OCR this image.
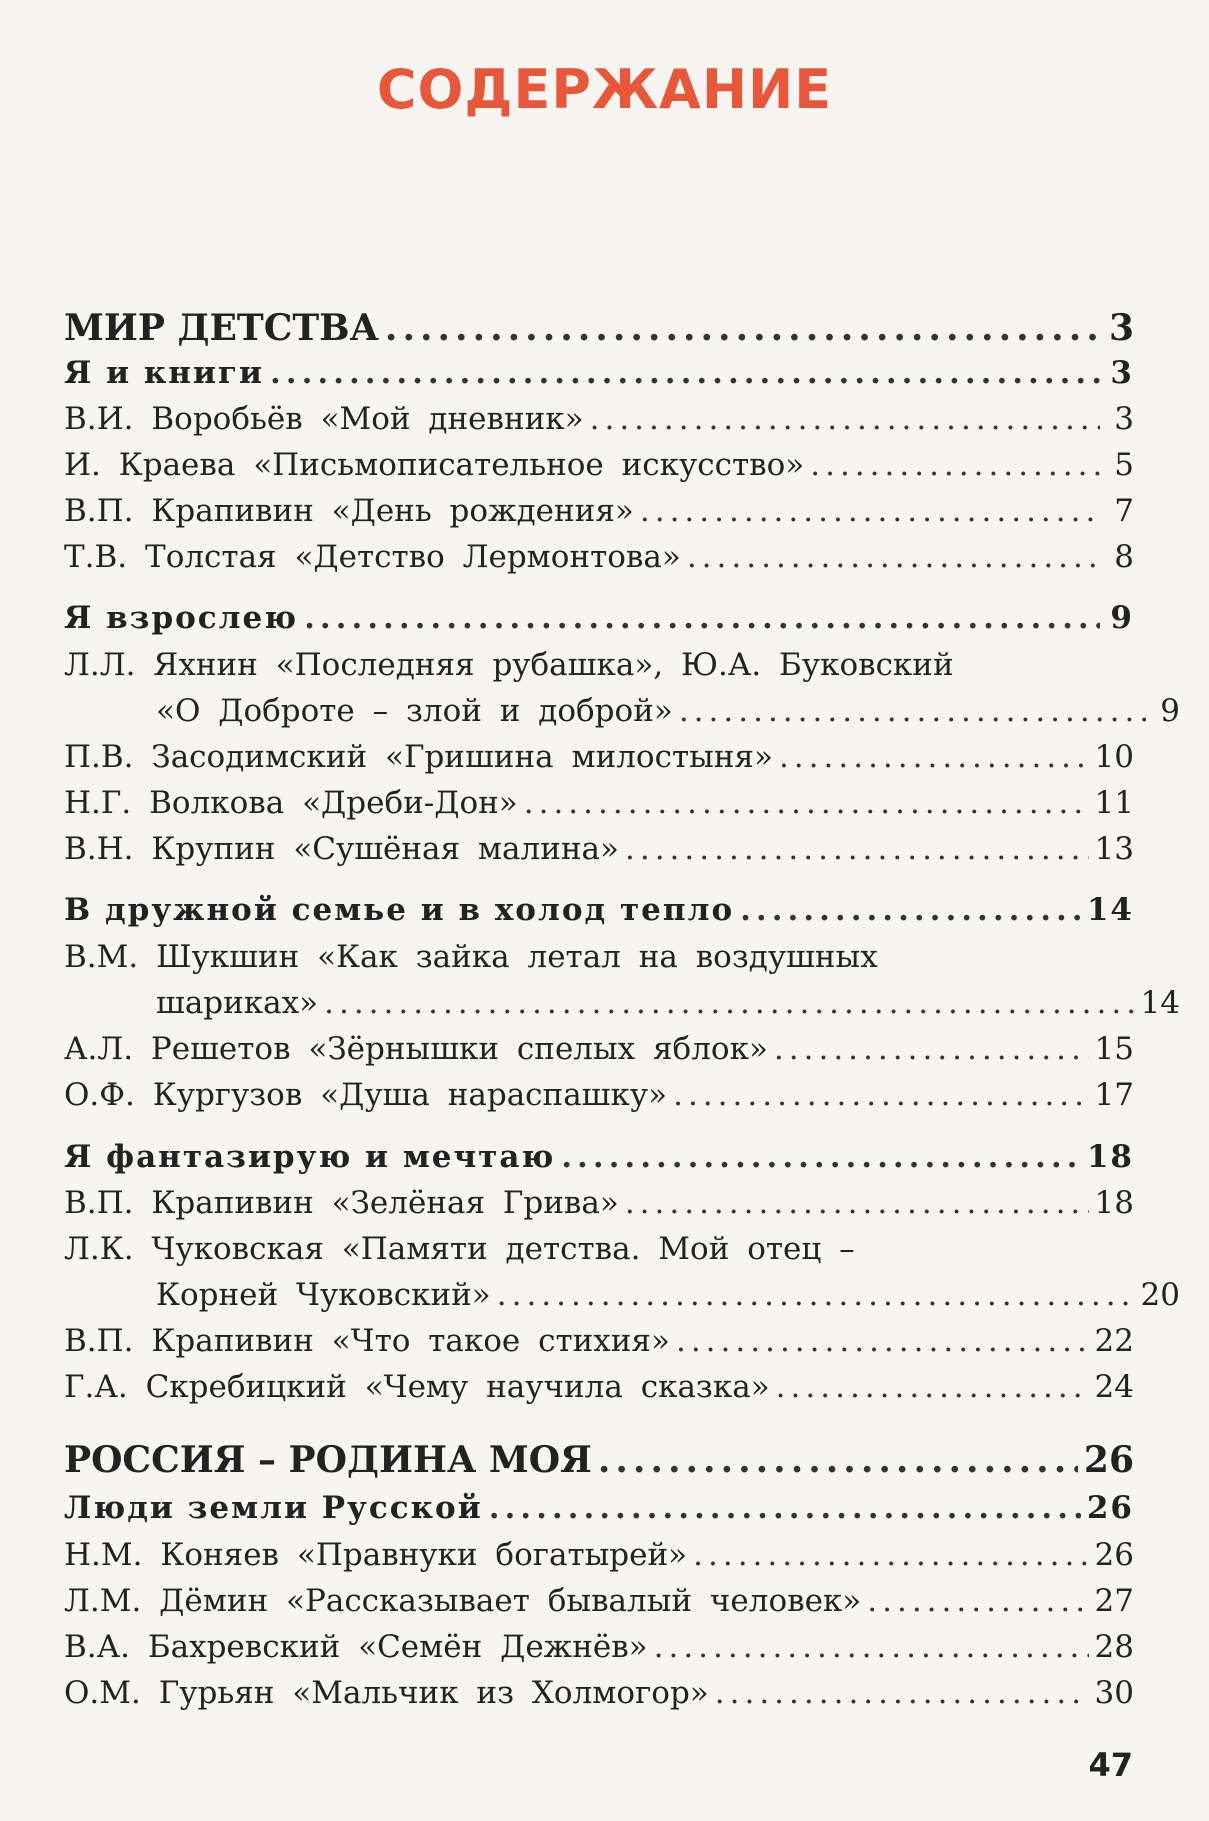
СОДЕРЖАНИЕ
МИР ДЕТСТВА .....	3
Я и книги .....	3
В.И. Воробьёв «Мой дневник» .....	3
И. Краева «Письмописательное искусство» .....	5
В.П. Крапивин «День рождения» .....	7
Т.В. Толстая «Детство Лермонтова» .....	8
Я взрослею .....	9
Л.Л. Яхнин «Последняя рубашка», Ю.А. Буковский
«О Доброте – злой и доброй» .....	9
П.В. Засодимский «Гришина милостыня» .....	10
Н.Г. Волкова «Дреби-Дон» .....	11
В.Н. Крупин «Сушёная малина» .....	13
В дружной семье и в холод тепло .....	14
В.М. Шукшин «Как зайка летал на воздушных
шариках» .....	14
А.Л. Решетов «Зёрнышки спелых яблок» .....	15
О.Ф. Кургузов «Душа нараспашку» .....	17
Я фантазирую и мечтаю .....	18
В.П. Крапивин «Зелёная Грива» .....	18
Л.К. Чуковская «Памяти детства. Мой отец –
Корней Чуковский» .....	20
В.П. Крапивин «Что такое стихия» .....	22
Г.А. Скребицкий «Чему научила сказка» .....	24
РОССИЯ – РОДИНА МОЯ .....	26
Люди земли Русской .....	26
Н.М. Коняев «Правнуки богатырей» .....	26
Л.М. Дёмин «Рассказывает бывалый человек» .....	27
В.А. Бахревский «Семён Дежнёв» .....	28
О.М. Гурьян «Мальчик из Холмогор» .....	30
47
